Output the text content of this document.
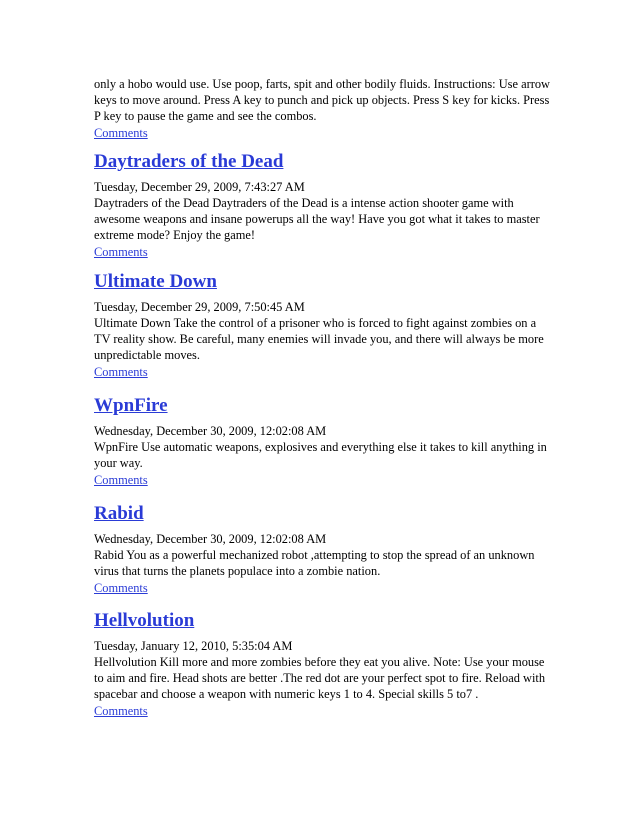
only a hobo would use. Use poop, farts, spit and other bodily fluids. Instructions: Use arrow keys to move around. Press A key to punch and pick up objects. Press S key for kicks. Press P key to pause the game and see the combos.

Comments
Daytraders of the Dead

Tuesday, December 29, 2009, 7:43:27 AM

Daytraders of the Dead Daytraders of the Dead is a intense action shooter game with awesome weapons and insane powerups all the way! Have you got what it takes to master extreme mode? Enjoy the game!

Comments
Ultimate Down

Tuesday, December 29, 2009, 7:50:45 AM

Ultimate Down Take the control of a prisoner who is forced to fight against zombies on a TV reality show. Be careful, many enemies will invade you, and there will always be more unpredictable moves.

Comments
WpnFire

Wednesday, December 30, 2009, 12:02:08 AM

WpnFire Use automatic weapons, explosives and everything else it takes to kill anything in your way.

Comments
Rabid

Wednesday, December 30, 2009, 12:02:08 AM

Rabid You as a powerful mechanized robot ,attempting to stop the spread of an unknown virus that turns the planets populace into a zombie nation.

Comments
Hellvolution

Tuesday, January 12, 2010, 5:35:04 AM

Hellvolution Kill more and more zombies before they eat you alive. Note: Use your mouse to aim and fire. Head shots are better .The red dot are your perfect spot to fire. Reload with spacebar and choose a weapon with numeric keys 1 to 4. Special skills 5 to7 .

Comments
